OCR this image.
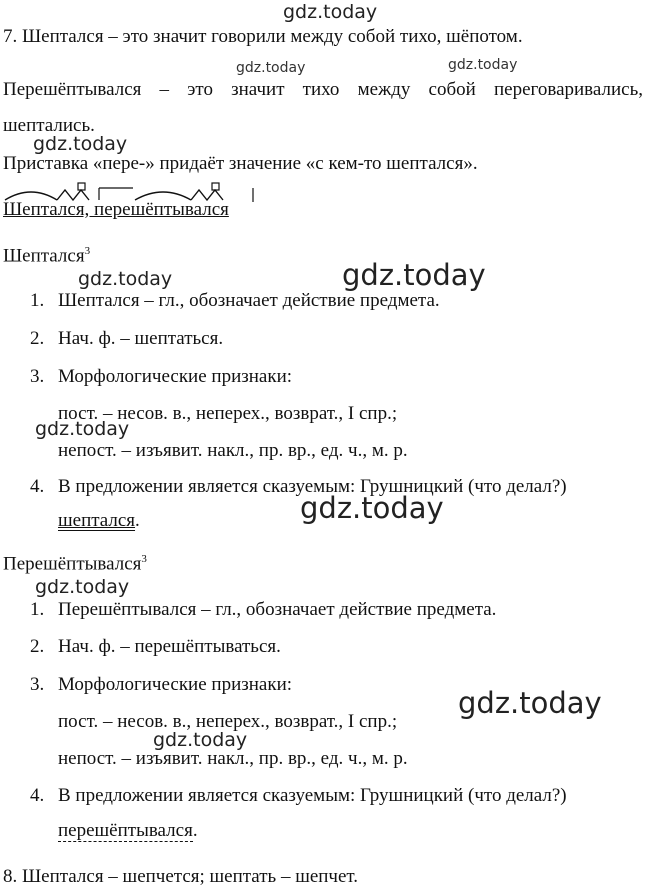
gdz.today
gdz.today	gdz.today
gdz.today
gdz.today	gdz.today
gdz.today
gdz.today
gdz.today
gdz.today
gdz.today
7. Шептался – это значит говорили между собой тихо, шёпотом.
Перешёптывался – это значит тихо между собой переговаривались, шептались.
Приставка «пере-» придаёт значение «с кем-то шептался».
Шептался, перешёптывался
Шептался$^3$
1. Шептался – гл., обозначает действие предмета.
2. Нач. ф. – шептаться.
3. Морфологические признаки:
пост. – несов. в., неперех., возврат., I спр.;
непост. – изъявит. накл., пр. вр., ед. ч., м. р.
4. В предложении является сказуемым: Грушницкий (что делал?)
шептался.
Перешёптывался$^3$
1. Перешёптывался – гл., обозначает действие предмета.
2. Нач. ф. – перешёптываться.
3. Морфологические признаки:
пост. – несов. в., неперех., возврат., I спр.;
непост. – изъявит. накл., пр. вр., ед. ч., м. р.
4. В предложении является сказуемым: Грушницкий (что делал?)
перешёптывался.
8. Шептался – шепчется; шептать – шепчет.
